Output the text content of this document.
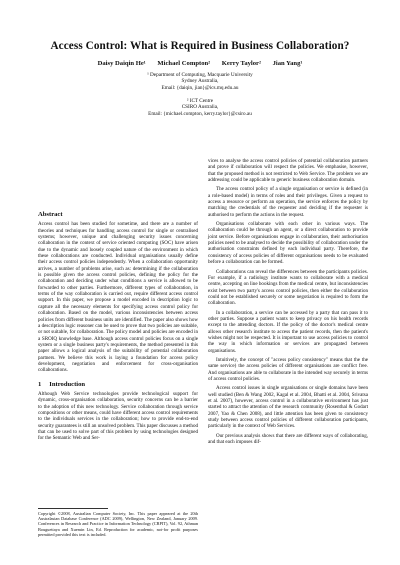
Access Control: What is Required in Business Collaboration?
Daisy Daiqin He¹ Michael Compton² Kerry Taylor² Jian Yang¹
¹ Department of Computing, Macquarie University
Sydney Australia,
Email: {daiqin, jian}@ics.mq.edu.au
² ICT Centre
CSIRO Australia,
Email: {michael.compton, kerry.taylor}@csiro.au
Abstract

Access control has been studied for sometime, and there are a number of theories and techniques for handling access control for single or centralised systems; however, unique and challenging security issues concerning collaboration in the context of service oriented computing (SOC) have arisen due to the dynamic and loosely coupled nature of the environment in which these collaborations are conducted. Individual organisations usually define their access control policies independently. When a collaboration opportunity arrives, a number of problems arise, such as: determining if the collaboration is possible given the access control policies, defining the policy for the collaboration and deciding under what conditions a service is allowed to be forwarded to other parties. Furthermore, different types of collaboration, in terms of the way collaboration is carried out, require different access control support. In this paper, we propose a model encoded in description logic to capture all the necessary elements for specifying access control policy for collaboration. Based on the model, various inconsistencies between access policies from different business units are identified. The paper also shows how a description logic reasoner can be used to prove that two policies are suitable, or not suitable, for collaboration. The policy model and policies are encoded in a SROIQ knowledge base. Although access control policies focus on a single system or a single business party's requirements, the method presented in this paper allows a logical analysis of the suitability of potential collaboration partners. We believe this work is laying a foundation for access policy development, negotiation and enforcement for cross-organisation collaborations.

1 Introduction

Although Web Service technologies provide technological support for dynamic, cross-organisation collaboration, security concerns can be a barrier to the adoption of this new technology. Service collaboration through service compositions or other means, could have different access control requirements to the individuals services in the collaboration; how to provide end-to-end security guarantees is still an unsolved problem. This paper discusses a method that can be used to solve part of this problem by using technologies designed for the Semantic Web and Ser-

Copyright ©2008, Australian Computer Society, Inc. This paper appeared at the 20th Australasian Database Conference (ADC 2009), Wellington, New Zealand, January 2009. Conferences in Research and Practice in Information Technology (CRPIT), Vol. 92, Athman Bouguettaya and Xuemin Lin, Ed. Reproduction for academic, not-for profit purposes permitted provided this text is included.

vices to analyse the access control policies of potential collaboration partners and prove if collaboration will respect the policies. We emphasise, however, that the proposed method is not restricted to Web Service. The problem we are addressing could be applicable to generic business collaboration domain.

The access control policy of a single organisation or service is defined (in a role-based model) in terms of roles and their privileges. Given a request to access a resource or perform an operation, the service enforces the policy by matching the credentials of the requester and deciding if the requester is authorised to perform the actions in the request.

Organisations collaborate with each other in various ways. The collaboration could be through an agent, or a direct collaboration to provide joint service. Before organisations engage in collaboration, their authorisation policies need to be analysed to decide the possibility of collaboration under the authorisation constraints defined by each individual party. Therefore, the consistency of access policies of different organisations needs to be evaluated before a collaboration can be formed.

Collaborations can reveal the differences between the participants policies. For example, if a radiology institute wants to collaborate with a medical centre, accepting on line bookings from the medical centre, but inconsistencies exist between two party's access control policies, then either the collaboration could not be established securely or some negotiation is required to form the collaboration.

In a collaboration, a service can be accessed by a party that can pass it to other parties. Suppose a patient wants to keep privacy on his health records except to the attending doctors. If the policy of the doctor's medical centre allows other research institute to access the patient records, then the patient's wishes might not be respected. It is important to use access policies to control the way in which information or services are propagated between organisations.

Intuitively, the concept of "access policy consistency" means that the the same service) the access policies of different organisations are conflict free. And organisations are able to collaborate in the intended way securely in terms of access control policies.

Access control issues in single organisations or single domains have been well studied (Ben & Wang 2002, Kagal et al. 2004, Bhatti et al. 2004, Srivatsa et al. 2007), however, access control in a collaborative environment has just started to attract the attention of the research community (Rosenthal & Godart 2007, Yao & Chen 2008), and little attention has been given to consistency study between access control policies of different collaboration participants, particularly in the context of Web Services.

Our previous analysis shows that there are different ways of collaborating, and that each imposes dif-
